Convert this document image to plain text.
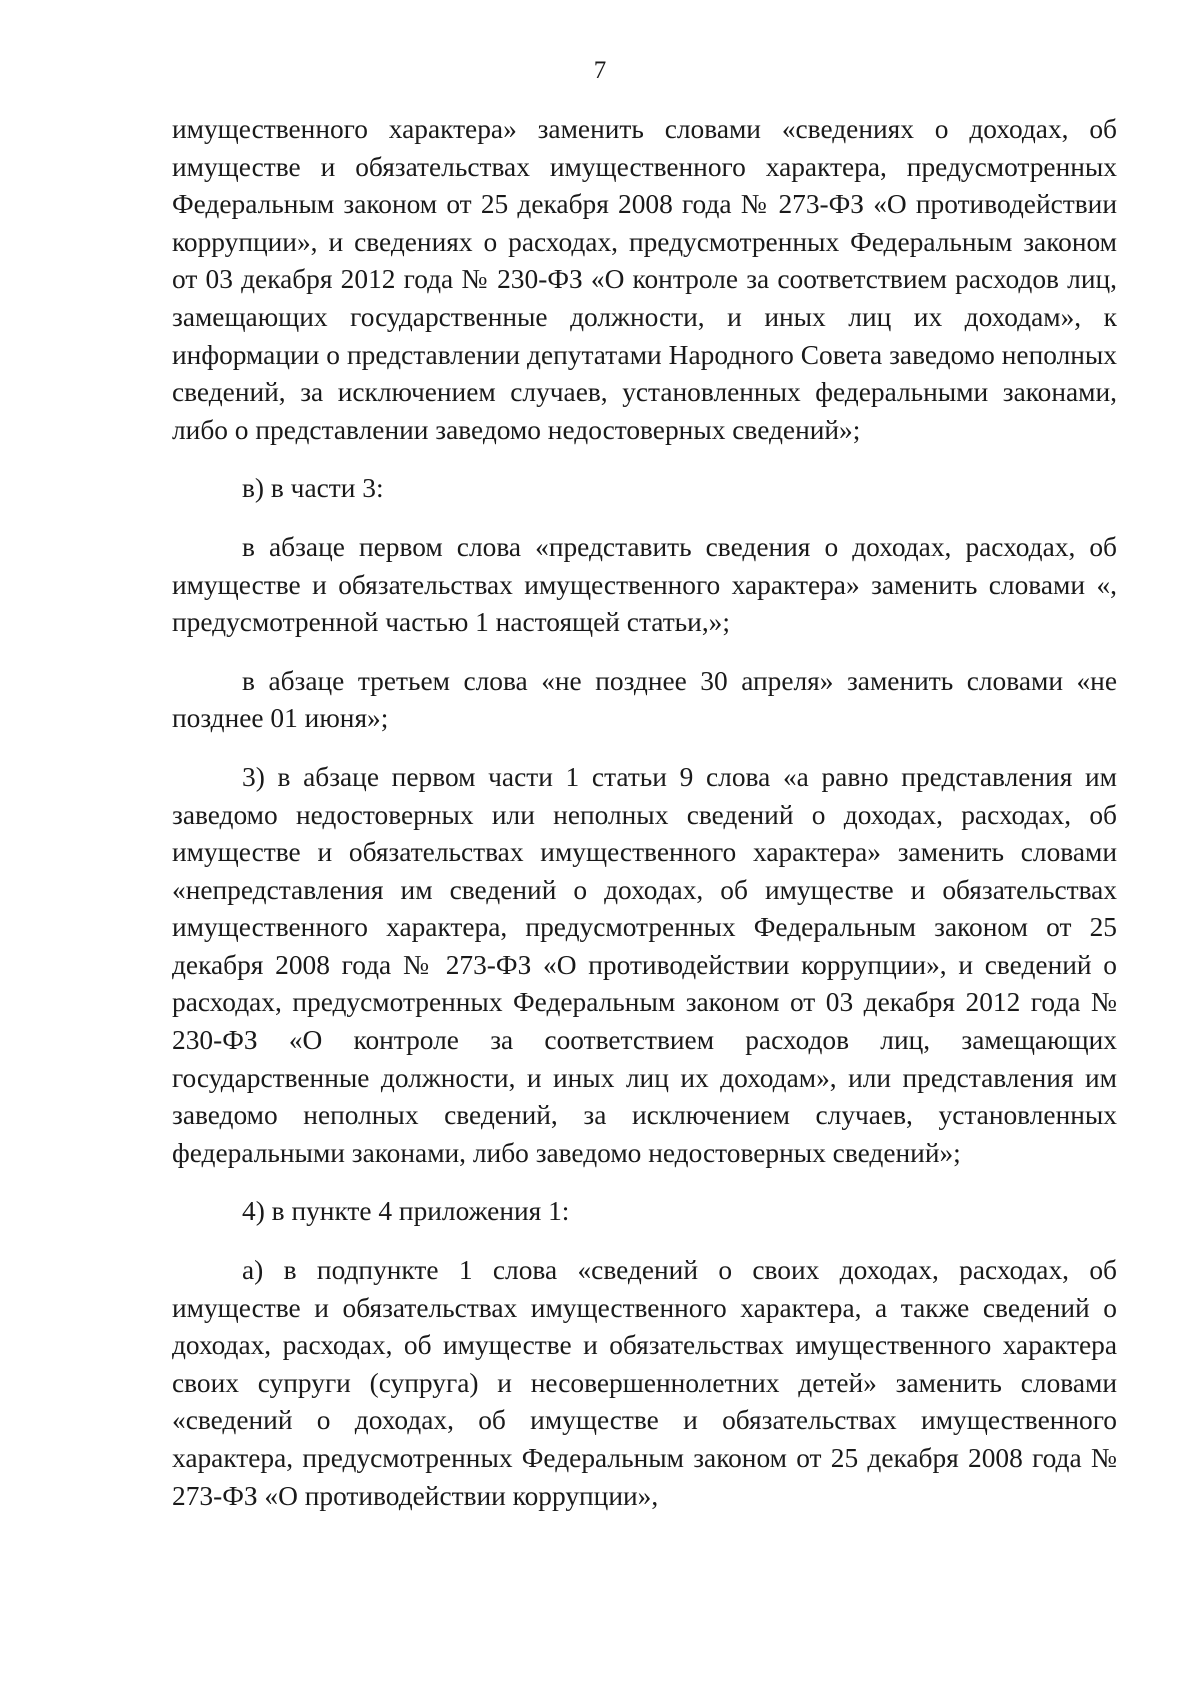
7

имущественного характера» заменить словами «сведениях о доходах, об имуществе и обязательствах имущественного характера, предусмотренных Федеральным законом от 25 декабря 2008 года № 273-ФЗ «О противодействии коррупции», и сведениях о расходах, предусмотренных Федеральным законом от 03 декабря 2012 года № 230-ФЗ «О контроле за соответствием расходов лиц, замещающих государственные должности, и иных лиц их доходам», к информации о представлении депутатами Народного Совета заведомо неполных сведений, за исключением случаев, установленных федеральными законами, либо о представлении заведомо недостоверных сведений»;

в) в части 3:

в абзаце первом слова «представить сведения о доходах, расходах, об имуществе и обязательствах имущественного характера» заменить словами «, предусмотренной частью 1 настоящей статьи,»;

в абзаце третьем слова «не позднее 30 апреля» заменить словами «не позднее 01 июня»;

3) в абзаце первом части 1 статьи 9 слова «а равно представления им заведомо недостоверных или неполных сведений о доходах, расходах, об имуществе и обязательствах имущественного характера» заменить словами «непредставления им сведений о доходах, об имуществе и обязательствах имущественного характера, предусмотренных Федеральным законом от 25 декабря 2008 года № 273-ФЗ «О противодействии коррупции», и сведений о расходах, предусмотренных Федеральным законом от 03 декабря 2012 года № 230-ФЗ «О контроле за соответствием расходов лиц, замещающих государственные должности, и иных лиц их доходам», или представления им заведомо неполных сведений, за исключением случаев, установленных федеральными законами, либо заведомо недостоверных сведений»;

4) в пункте 4 приложения 1:

а) в подпункте 1 слова «сведений о своих доходах, расходах, об имуществе и обязательствах имущественного характера, а также сведений о доходах, расходах, об имуществе и обязательствах имущественного характера своих супруги (супруга) и несовершеннолетних детей» заменить словами «сведений о доходах, об имуществе и обязательствах имущественного характера, предусмотренных Федеральным законом от 25 декабря 2008 года № 273-ФЗ «О противодействии коррупции»,
